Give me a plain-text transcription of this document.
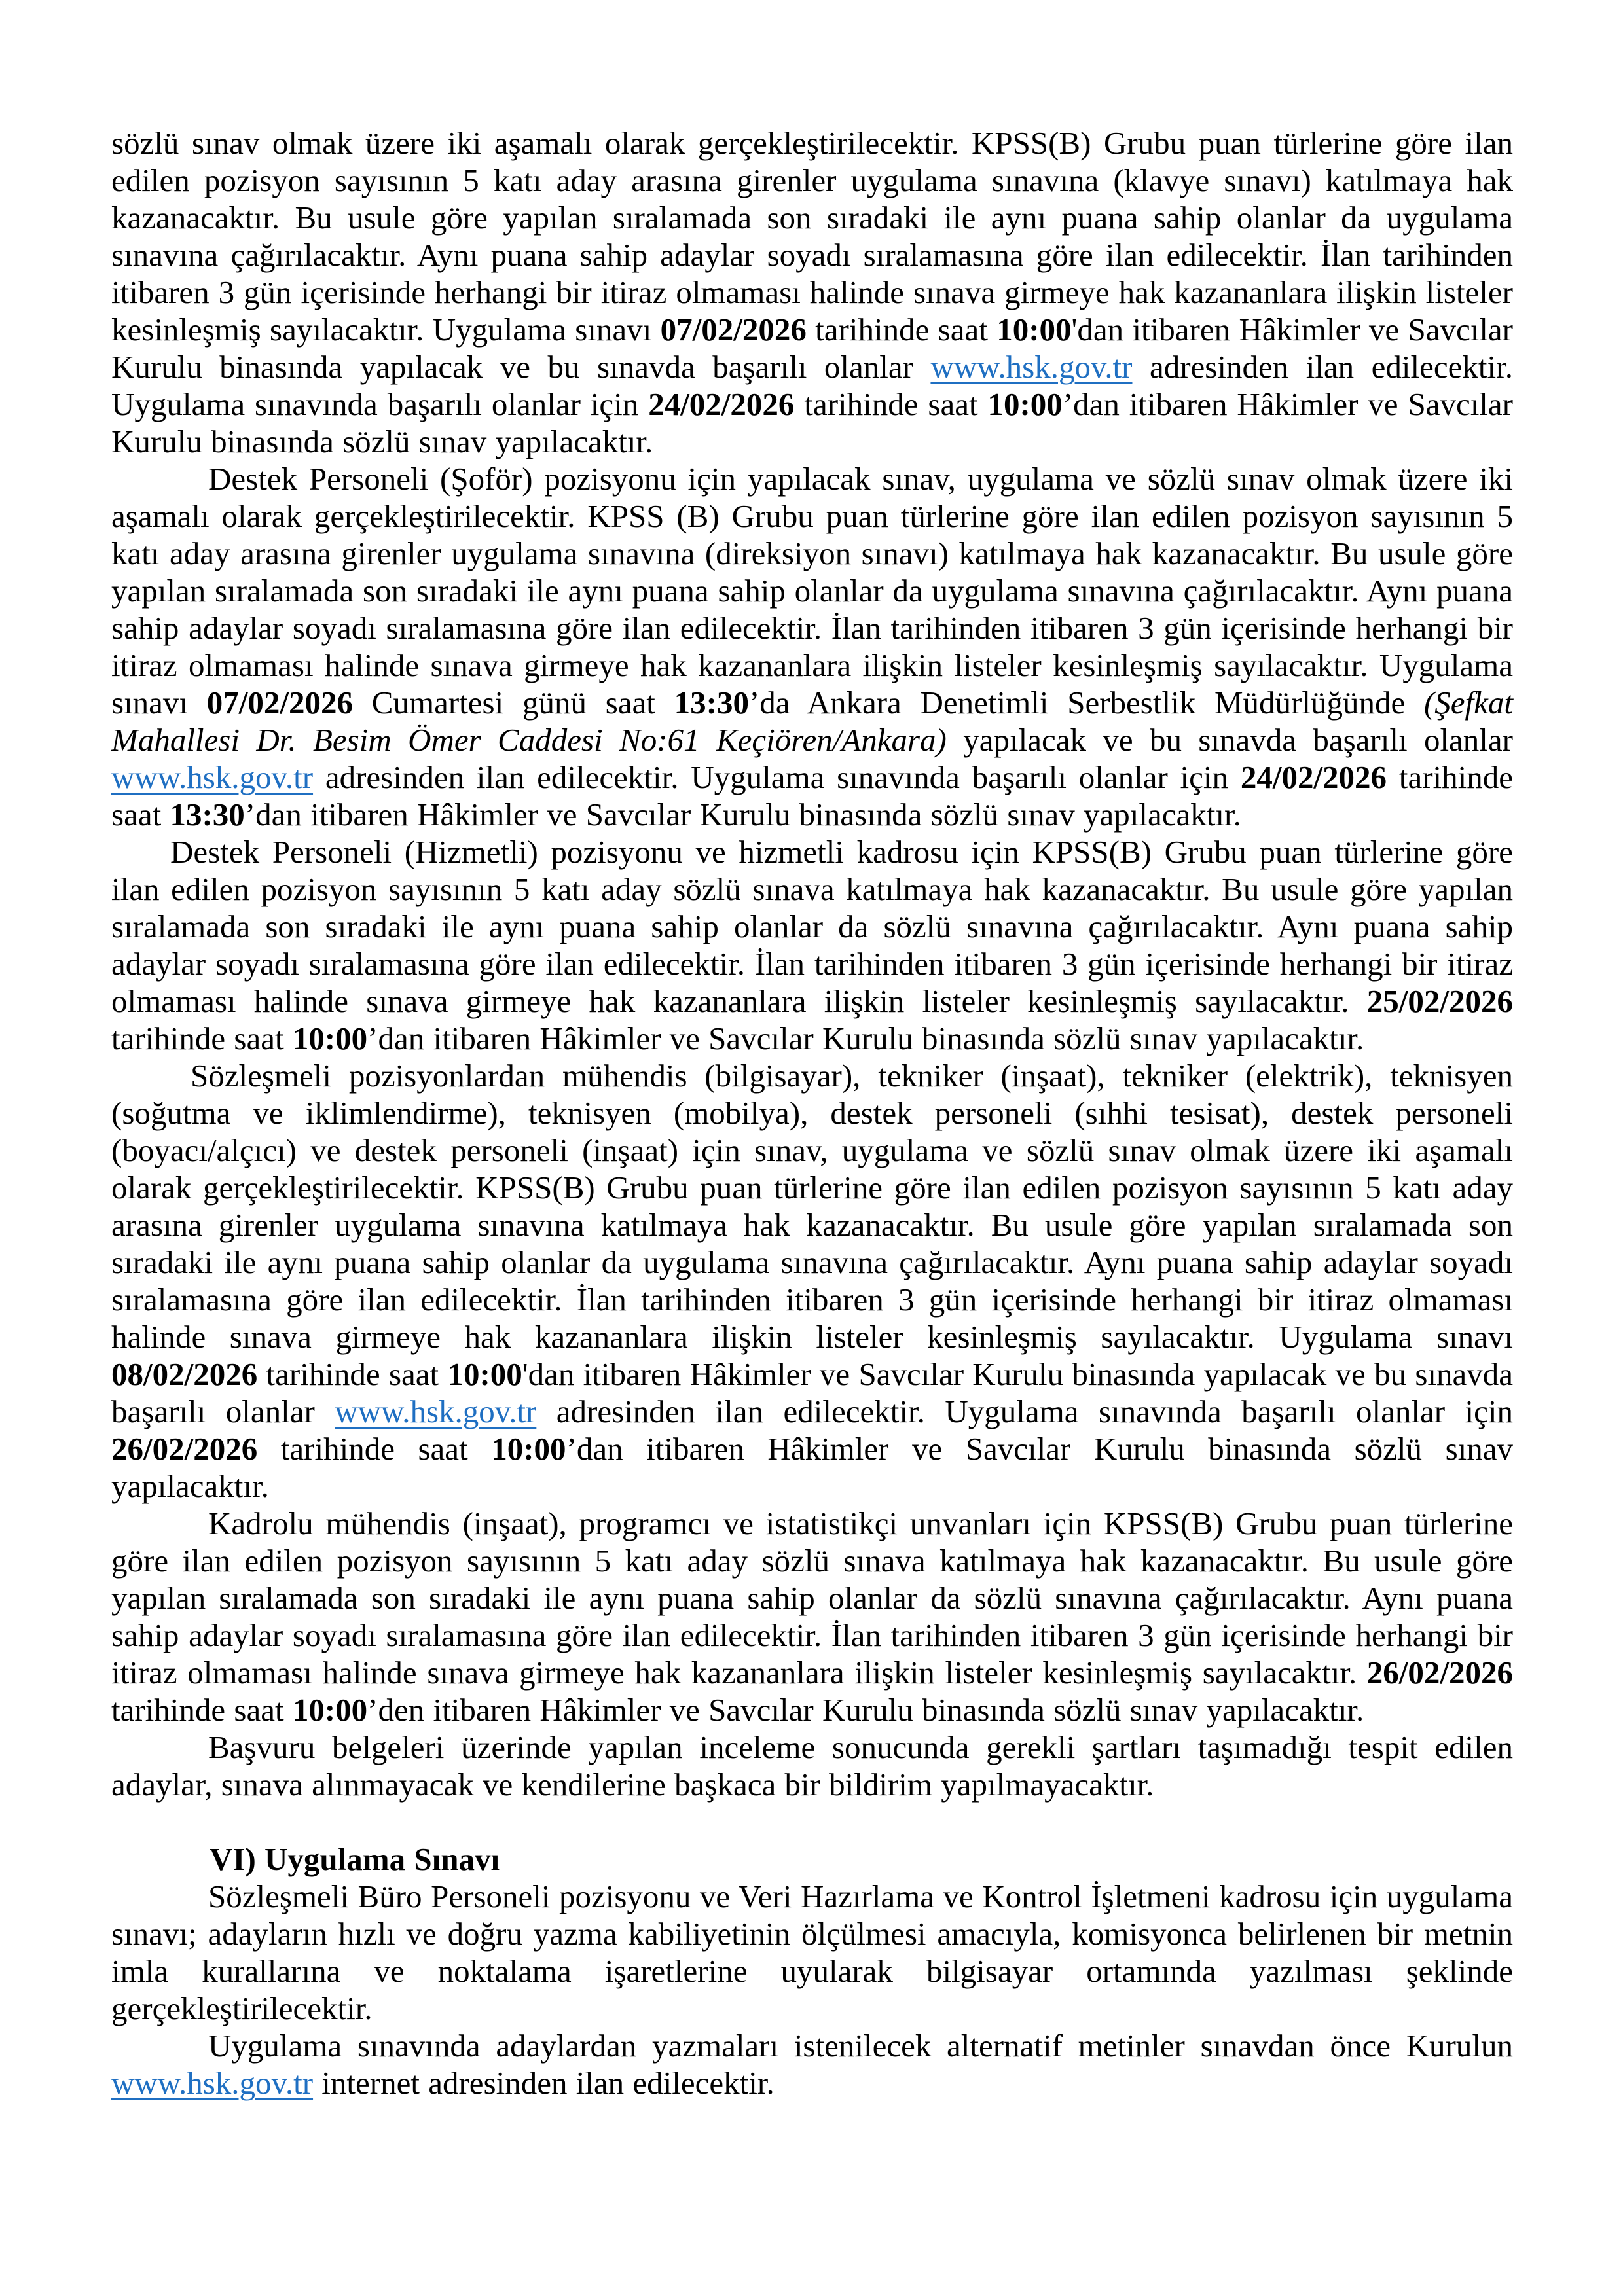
sözlü sınav olmak üzere iki aşamalı olarak gerçekleştirilecektir. KPSS(B) Grubu puan türlerine göre ilan edilen pozisyon sayısının 5 katı aday arasına girenler uygulama sınavına (klavye sınavı) katılmaya hak kazanacaktır. Bu usule göre yapılan sıralamada son sıradaki ile aynı puana sahip olanlar da uygulama sınavına çağırılacaktır. Aynı puana sahip adaylar soyadı sıralamasına göre ilan edilecektir. İlan tarihinden itibaren 3 gün içerisinde herhangi bir itiraz olmaması halinde sınava girmeye hak kazananlara ilişkin listeler kesinleşmiş sayılacaktır. Uygulama sınavı 07/02/2026 tarihinde saat 10:00'dan itibaren Hâkimler ve Savcılar Kurulu binasında yapılacak ve bu sınavda başarılı olanlar www.hsk.gov.tr adresinden ilan edilecektir. Uygulama sınavında başarılı olanlar için 24/02/2026 tarihinde saat 10:00’dan itibaren Hâkimler ve Savcılar Kurulu binasında sözlü sınav yapılacaktır.

Destek Personeli (Şoför) pozisyonu için yapılacak sınav, uygulama ve sözlü sınav olmak üzere iki aşamalı olarak gerçekleştirilecektir. KPSS (B) Grubu puan türlerine göre ilan edilen pozisyon sayısının 5 katı aday arasına girenler uygulama sınavına (direksiyon sınavı) katılmaya hak kazanacaktır. Bu usule göre yapılan sıralamada son sıradaki ile aynı puana sahip olanlar da uygulama sınavına çağırılacaktır. Aynı puana sahip adaylar soyadı sıralamasına göre ilan edilecektir. İlan tarihinden itibaren 3 gün içerisinde herhangi bir itiraz olmaması halinde sınava girmeye hak kazananlara ilişkin listeler kesinleşmiş sayılacaktır. Uygulama sınavı 07/02/2026 Cumartesi günü saat 13:30’da Ankara Denetimli Serbestlik Müdürlüğünde (Şefkat Mahallesi Dr. Besim Ömer Caddesi No:61 Keçiören/Ankara) yapılacak ve bu sınavda başarılı olanlar www.hsk.gov.tr adresinden ilan edilecektir. Uygulama sınavında başarılı olanlar için 24/02/2026 tarihinde saat 13:30’dan itibaren Hâkimler ve Savcılar Kurulu binasında sözlü sınav yapılacaktır.

Destek Personeli (Hizmetli) pozisyonu ve hizmetli kadrosu için KPSS(B) Grubu puan türlerine göre ilan edilen pozisyon sayısının 5 katı aday sözlü sınava katılmaya hak kazanacaktır. Bu usule göre yapılan sıralamada son sıradaki ile aynı puana sahip olanlar da sözlü sınavına çağırılacaktır. Aynı puana sahip adaylar soyadı sıralamasına göre ilan edilecektir. İlan tarihinden itibaren 3 gün içerisinde herhangi bir itiraz olmaması halinde sınava girmeye hak kazananlara ilişkin listeler kesinleşmiş sayılacaktır. 25/02/2026 tarihinde saat 10:00’dan itibaren Hâkimler ve Savcılar Kurulu binasında sözlü sınav yapılacaktır.

Sözleşmeli pozisyonlardan mühendis (bilgisayar), tekniker (inşaat), tekniker (elektrik), teknisyen (soğutma ve iklimlendirme), teknisyen (mobilya), destek personeli (sıhhi tesisat), destek personeli (boyacı/alçıcı) ve destek personeli (inşaat) için sınav, uygulama ve sözlü sınav olmak üzere iki aşamalı olarak gerçekleştirilecektir. KPSS(B) Grubu puan türlerine göre ilan edilen pozisyon sayısının 5 katı aday arasına girenler uygulama sınavına katılmaya hak kazanacaktır. Bu usule göre yapılan sıralamada son sıradaki ile aynı puana sahip olanlar da uygulama sınavına çağırılacaktır. Aynı puana sahip adaylar soyadı sıralamasına göre ilan edilecektir. İlan tarihinden itibaren 3 gün içerisinde herhangi bir itiraz olmaması halinde sınava girmeye hak kazananlara ilişkin listeler kesinleşmiş sayılacaktır. Uygulama sınavı 08/02/2026 tarihinde saat 10:00'dan itibaren Hâkimler ve Savcılar Kurulu binasında yapılacak ve bu sınavda başarılı olanlar www.hsk.gov.tr adresinden ilan edilecektir. Uygulama sınavında başarılı olanlar için 26/02/2026 tarihinde saat 10:00’dan itibaren Hâkimler ve Savcılar Kurulu binasında sözlü sınav yapılacaktır.

Kadrolu mühendis (inşaat), programcı ve istatistikçi unvanları için KPSS(B) Grubu puan türlerine göre ilan edilen pozisyon sayısının 5 katı aday sözlü sınava katılmaya hak kazanacaktır. Bu usule göre yapılan sıralamada son sıradaki ile aynı puana sahip olanlar da sözlü sınavına çağırılacaktır. Aynı puana sahip adaylar soyadı sıralamasına göre ilan edilecektir. İlan tarihinden itibaren 3 gün içerisinde herhangi bir itiraz olmaması halinde sınava girmeye hak kazananlara ilişkin listeler kesinleşmiş sayılacaktır. 26/02/2026 tarihinde saat 10:00’den itibaren Hâkimler ve Savcılar Kurulu binasında sözlü sınav yapılacaktır.

Başvuru belgeleri üzerinde yapılan inceleme sonucunda gerekli şartları taşımadığı tespit edilen adaylar, sınava alınmayacak ve kendilerine başkaca bir bildirim yapılmayacaktır.

VI) Uygulama Sınavı

Sözleşmeli Büro Personeli pozisyonu ve Veri Hazırlama ve Kontrol İşletmeni kadrosu için uygulama sınavı; adayların hızlı ve doğru yazma kabiliyetinin ölçülmesi amacıyla, komisyonca belirlenen bir metnin imla kurallarına ve noktalama işaretlerine uyularak bilgisayar ortamında yazılması şeklinde gerçekleştirilecektir.

Uygulama sınavında adaylardan yazmaları istenilecek alternatif metinler sınavdan önce Kurulun www.hsk.gov.tr internet adresinden ilan edilecektir.
